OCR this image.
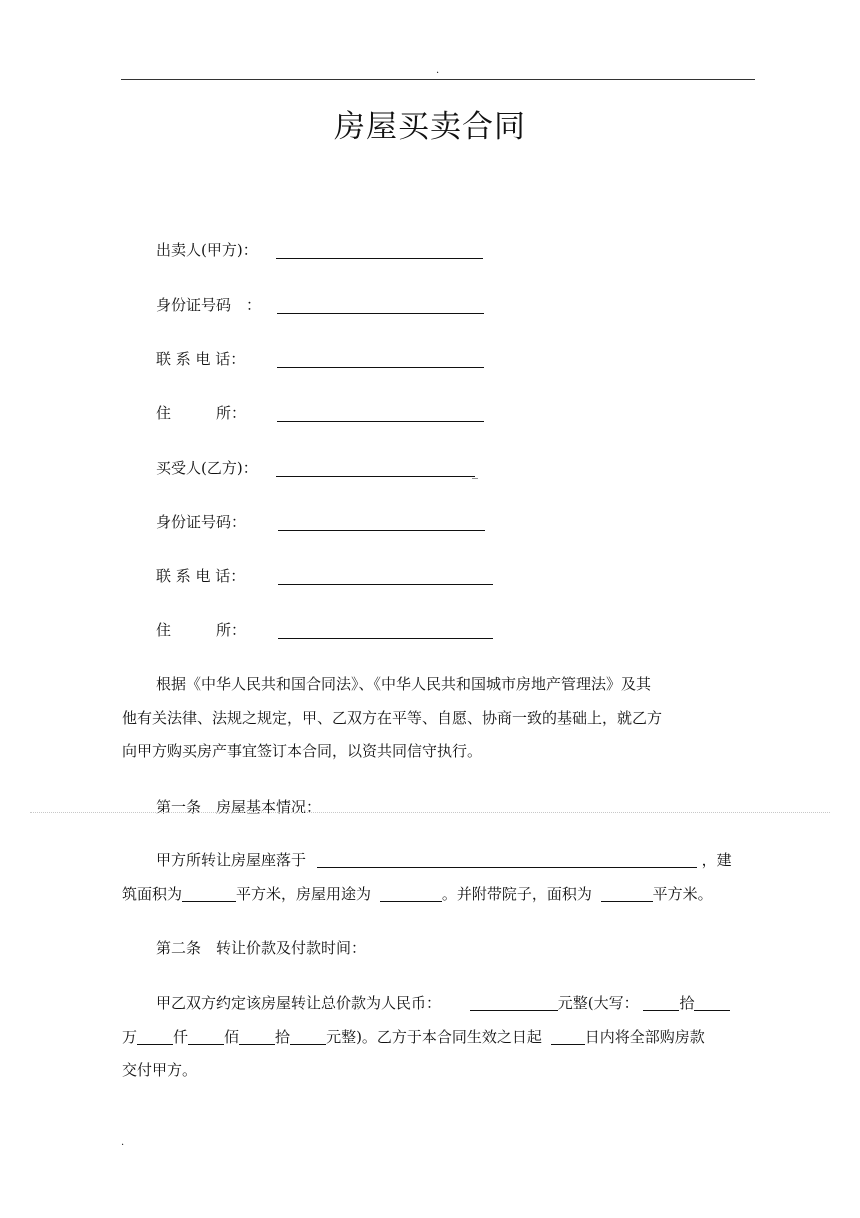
.
房屋买卖合同
出卖人(甲方)：
身份证号码　：
联 系 电 话：
住　　　所：
买受人(乙方)：	_
身份证号码：
联 系 电 话：
住　　　所：
根据《中华人民共和国合同法》、《中华人民共和国城市房地产管理法》及其
他有关法律、法规之规定，甲、乙双方在平等、自愿、协商一致的基础上，就乙方
向甲方购买房产事宜签订本合同，以资共同信守执行。
第一条　房屋基本情况：
甲方所转让房屋座落于	，建
筑面积为	平方米，房屋用途为	。并附带院子，面积为	平方米。
第二条　转让价款及付款时间：
甲乙双方约定该房屋转让总价款为人民币：	元整(大写：	拾
万 仟 佰 拾 元整)。乙方于本合同生效之日起	日内将全部购房款
交付甲方。
.
